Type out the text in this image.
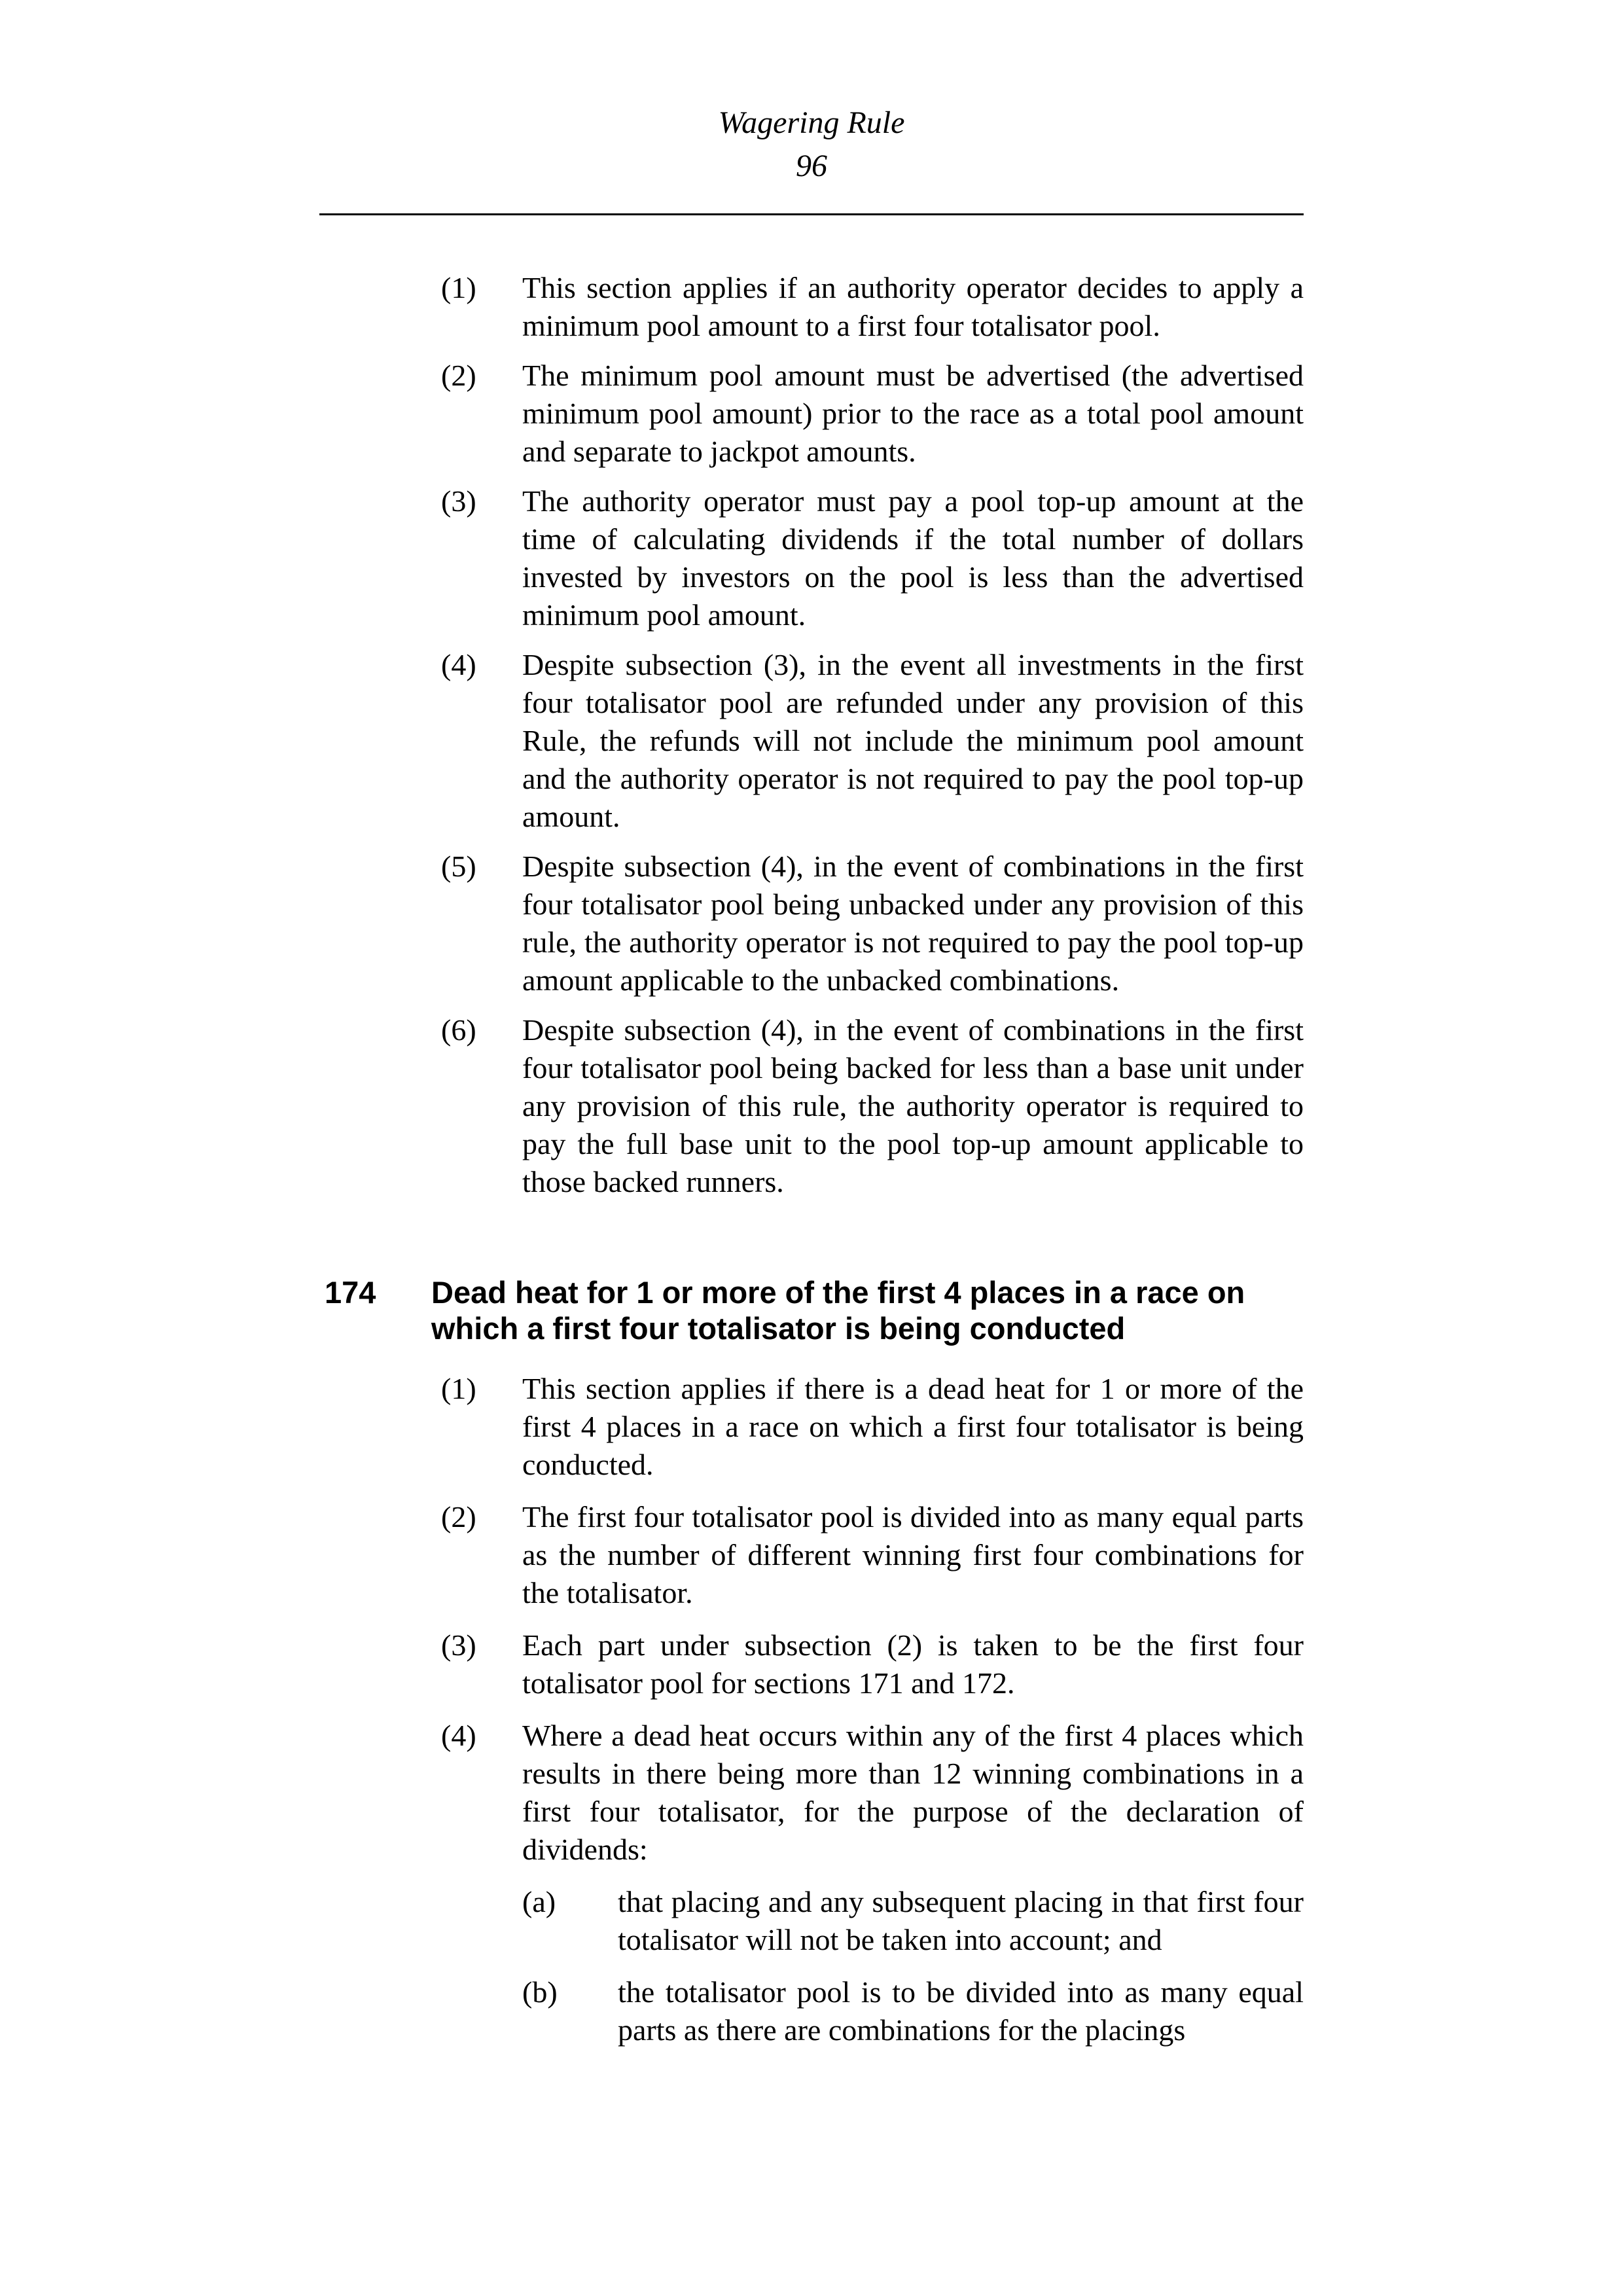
Wagering Rule
96
(1)	This section applies if an authority operator decides to apply a minimum pool amount to a first four totalisator pool.
(2)	The minimum pool amount must be advertised (the advertised minimum pool amount) prior to the race as a total pool amount and separate to jackpot amounts.
(3)	The authority operator must pay a pool top-up amount at the time of calculating dividends if the total number of dollars invested by investors on the pool is less than the advertised minimum pool amount.
(4)	Despite subsection (3), in the event all investments in the first four totalisator pool are refunded under any provision of this Rule, the refunds will not include the minimum pool amount and the authority operator is not required to pay the pool top-up amount.
(5)	Despite subsection (4), in the event of combinations in the first four totalisator pool being unbacked under any provision of this rule, the authority operator is not required to pay the pool top-up amount applicable to the unbacked combinations.
(6)	Despite subsection (4), in the event of combinations in the first four totalisator pool being backed for less than a base unit under any provision of this rule, the authority operator is required to pay the full base unit to the pool top-up amount applicable to those backed runners.
174	Dead heat for 1 or more of the first 4 places in a race on which a first four totalisator is being conducted
(1)	This section applies if there is a dead heat for 1 or more of the first 4 places in a race on which a first four totalisator is being conducted.
(2)	The first four totalisator pool is divided into as many equal parts as the number of different winning first four combinations for the totalisator.
(3)	Each part under subsection (2) is taken to be the first four totalisator pool for sections 171 and 172.
(4)	Where a dead heat occurs within any of the first 4 places which results in there being more than 12 winning combinations in a first four totalisator, for the purpose of the declaration of dividends:
(a)	that placing and any subsequent placing in that first four totalisator will not be taken into account; and
(b)	the totalisator pool is to be divided into as many equal parts as there are combinations for the placings
